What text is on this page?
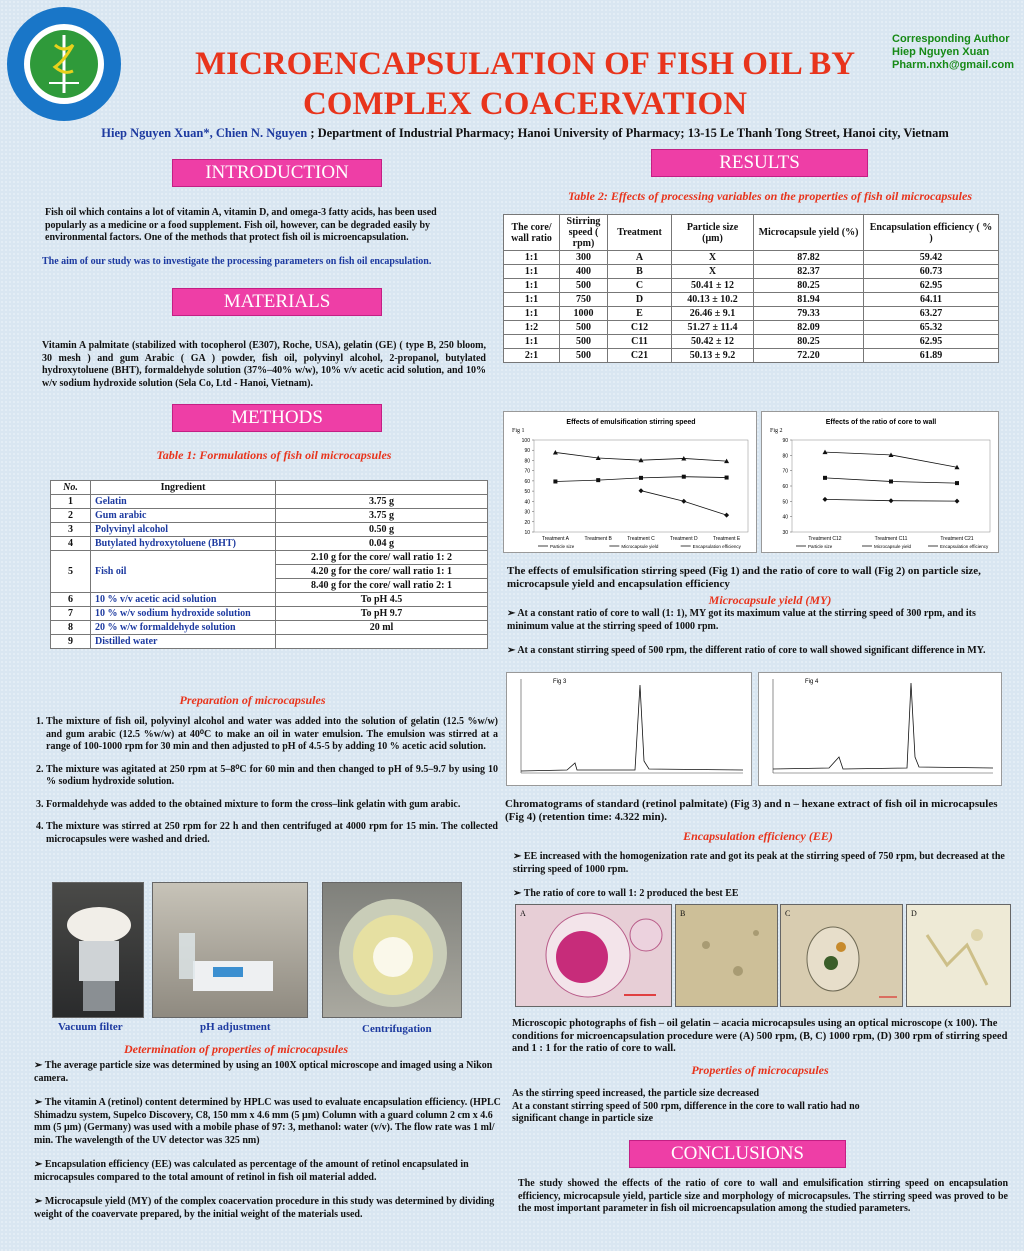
MICROENCAPSULATION OF FISH OIL BY
COMPLEX COACERVATION
Corresponding Author
Hiep Nguyen Xuan
Pharm.nxh@gmail.com
Hiep Nguyen Xuan*, Chien N. Nguyen ; Department of Industrial Pharmacy; Hanoi University of Pharmacy; 13-15 Le Thanh Tong Street, Hanoi city, Vietnam
INTRODUCTION
Fish oil which contains a lot of vitamin A, vitamin D, and omega-3 fatty acids, has been used popularly as a medicine or a food supplement. Fish oil, however, can be degraded easily by environmental factors. One of the methods that protect fish oil is microencapsulation.
The aim of our study was to investigate the processing parameters on fish oil encapsulation.
MATERIALS
Vitamin A palmitate (stabilized with tocopherol (E307), Roche, USA), gelatin (GE) ( type B, 250 bloom, 30 mesh ) and gum Arabic ( GA ) powder, fish oil, polyvinyl alcohol, 2-propanol, butylated hydroxytoluene (BHT), formaldehyde solution (37%–40% w/w), 10% v/v acetic acid solution, and 10% w/v sodium hydroxide solution (Sela Co, Ltd - Hanoi, Vietnam).
METHODS
Table 1: Formulations of fish oil microcapsules
No.	Ingredient	
1	Gelatin	3.75 g
2	Gum arabic	3.75 g
3	Polyvinyl alcohol	0.50 g
4	Butylated hydroxytoluene (BHT)	0.04 g
5	Fish oil	2.10 g for the core/ wall ratio 1: 2
		4.20 g for the core/ wall ratio 1: 1
		8.40 g for the core/ wall ratio 2: 1
6	10 % v/v acetic acid solution	To pH 4.5
7	10 % w/v sodium hydroxide solution	To pH 9.7
8	20 % w/w formaldehyde solution	20 ml
9	Distilled water	
Preparation of microcapsules
1. The mixture of fish oil, polyvinyl alcohol and water was added into the solution of gelatin (12.5 %w/w) and gum arabic (12.5 %w/w) at 40⁰C to make an oil in water emulsion. The emulsion was stirred at a range of 100-1000 rpm for 30 min and then adjusted to pH of 4.5-5 by adding 10 % acetic acid solution.
2. The mixture was agitated at 250 rpm at 5–8⁰C for 60 min and then changed to pH of 9.5–9.7 by using 10 % sodium hydroxide solution.
3. Formaldehyde was added to the obtained mixture to form the cross–link gelatin with gum arabic.
4. The mixture was stirred at 250 rpm for 22 h and then centrifuged at 4000 rpm for 15 min. The collected microcapsules were washed and dried.
Vacuum filter	pH adjustment	Centrifugation
Determination of properties of microcapsules

➢ The average particle size was determined by using an 100X optical microscope and imaged using a Nikon camera.

➢ The vitamin A (retinol) content determined by HPLC was used to evaluate encapsulation efficiency. (HPLC Shimadzu system, Supelco Discovery, C8, 150 mm x 4.6 mm (5 μm) Column with a guard column 2 cm x 4.6 mm (5 μm) (Germany) was used with a mobile phase of 97: 3, methanol: water (v/v). The flow rate was 1 ml/ min. The wavelength of the UV detector was 325 nm)

➢ Encapsulation efficiency (EE) was calculated as percentage of the amount of retinol encapsulated in microcapsules compared to the total amount of retinol in fish oil material added.

➢ Microcapsule yield (MY) of the complex coacervation procedure in this study was determined by dividing weight of the coavervate prepared, by the initial weight of the materials used.

RESULTS
Table 2: Effects of processing variables on the properties of fish oil microcapsules
The core/ wall ratio	Stirring speed ( rpm)	Treatment	Particle size (μm)	Microcapsule yield (%)	Encapsulation efficiency ( % )
1:1	300	A	X	87.82	59.42
1:1	400	B	X	82.37	60.73
1:1	500	C	50.41 ± 12	80.25	62.95
1:1	750	D	40.13 ± 10.2	81.94	64.11
1:1	1000	E	26.46 ± 9.1	79.33	63.27
1:2	500	C12	51.27 ± 11.4	82.09	65.32
1:1	500	C11	50.42 ± 12	80.25	62.95
2:1	500	C21	50.13 ± 9.2	72.20	61.89
Effects of emulsification stirring speed
Fig 1
10
20
30
40
50
60
70
80
90
100
Treatment A	Treatment B	Treatment C	Treatment D	Treatment E
Particle size	Microcapsule yield	Encapsulation efficiency
Effects of the ratio of core to wall
Fig 2
30
40
50
60
70
80
90
Treatment C12	Treatment C11	Treatment C21
Particle size	Microcapsule yield	Encapsulation efficiency
The effects of emulsification stirring speed (Fig 1) and the ratio of core to wall (Fig 2) on particle size, microcapsule yield and encapsulation efficiency
Microcapsule yield (MY)

➢ At a constant ratio of core to wall (1: 1), MY got its maximum value at the stirring speed of 300 rpm, and its minimum value at the stirring speed of 1000 rpm.

➢ At a constant stirring speed of 500 rpm, the different ratio of core to wall showed significant difference in MY.

Fig 3	Fig 4
Chromatograms of standard (retinol palmitate) (Fig 3) and n – hexane extract of fish oil in microcapsules (Fig 4) (retention time: 4.322 min).
Encapsulation efficiency (EE)

➢ EE increased with the homogenization rate and got its peak at the stirring speed of 750 rpm, but decreased at the stirring speed of 1000 rpm.

➢ The ratio of core to wall 1: 2 produced the best EE

A	B	C	D
Microscopic photographs of fish – oil gelatin – acacia microcapsules using an optical microscope (x 100). The conditions for microencapsulation procedure were (A) 500 rpm, (B, C) 1000 rpm, (D) 300 rpm of stirring speed and 1 : 1 for the ratio of core to wall.
Properties of microcapsules

As the stirring speed increased, the particle size decreased

At a constant stirring speed of 500 rpm, difference in the core to wall ratio had no significant change in particle size

CONCLUSIONS
The study showed the effects of the ratio of core to wall and emulsification stirring speed on encapsulation efficiency, microcapsule yield, particle size and morphology of microcapsules. The stirring speed was proved to be the most important parameter in fish oil microencapsulation among the studied parameters.
